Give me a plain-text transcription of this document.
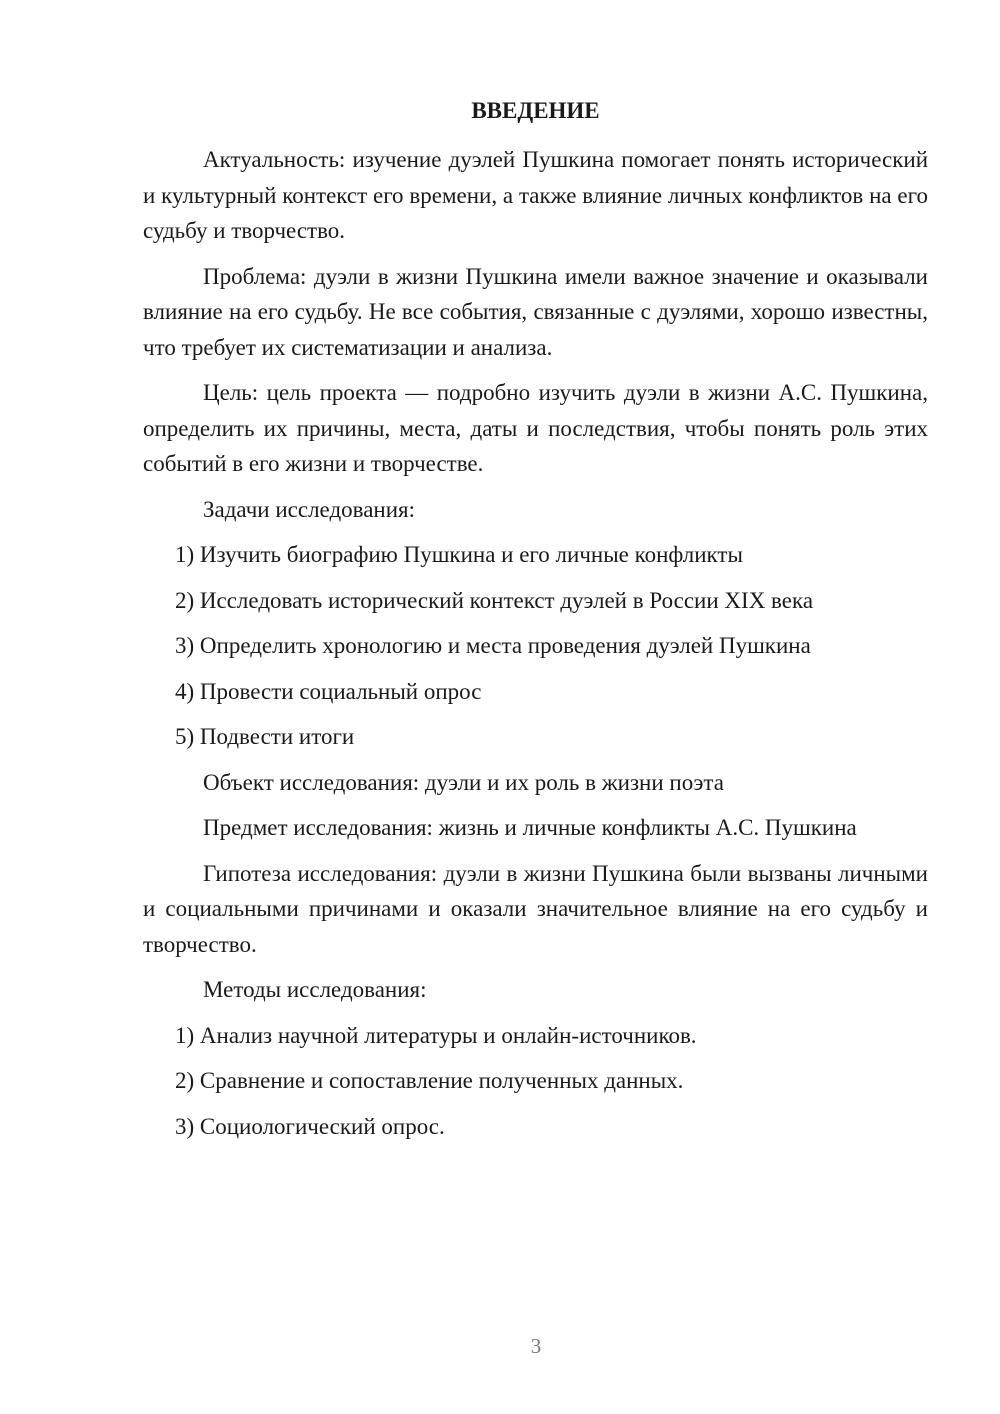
ВВЕДЕНИЕ

Актуальность: изучение дуэлей Пушкина помогает понять исторический и культурный контекст его времени, а также влияние личных конфликтов на его судьбу и творчество.

Проблема: дуэли в жизни Пушкина имели важное значение и оказывали влияние на его судьбу. Не все события, связанные с дуэлями, хорошо известны, что требует их систематизации и анализа.

Цель: цель проекта — подробно изучить дуэли в жизни А.С. Пушкина, определить их причины, места, даты и последствия, чтобы понять роль этих событий в его жизни и творчестве.

Задачи исследования:

1) Изучить биографию Пушкина и его личные конфликты
2) Исследовать исторический контекст дуэлей в России XIX века
3) Определить хронологию и места проведения дуэлей Пушкина
4) Провести социальный опрос
5) Подвести итоги

Объект исследования: дуэли и их роль в жизни поэта

Предмет исследования: жизнь и личные конфликты А.С. Пушкина

Гипотеза исследования: дуэли в жизни Пушкина были вызваны личными и социальными причинами и оказали значительное влияние на его судьбу и творчество.

Методы исследования:

1) Анализ научной литературы и онлайн-источников.
2) Сравнение и сопоставление полученных данных.
3) Социологический опрос.
3
